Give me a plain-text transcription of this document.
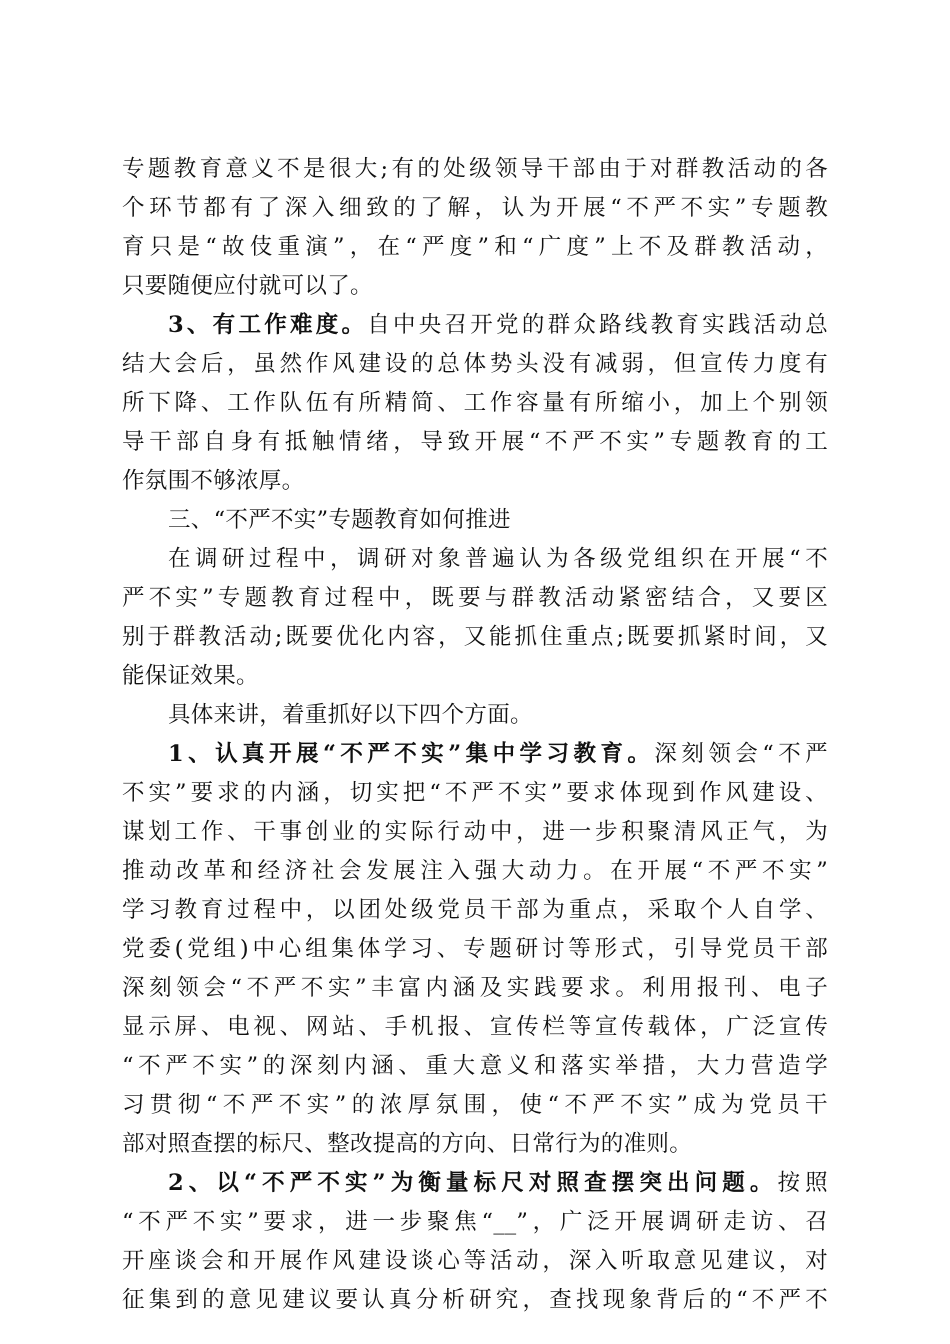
专题教育意义不是很大;有的处级领导干部由于对群教活动的各
个环节都有了深入细致的了解，认为开展“不严不实”专题教
育只是“故伎重演”，在“严度”和“广度”上不及群教活动，
只要随便应付就可以了。
3、有工作难度。自中央召开党的群众路线教育实践活动总
结大会后，虽然作风建设的总体势头没有减弱，但宣传力度有
所下降、工作队伍有所精简、工作容量有所缩小，加上个别领
导干部自身有抵触情绪，导致开展“不严不实”专题教育的工
作氛围不够浓厚。
三、“不严不实”专题教育如何推进
在调研过程中，调研对象普遍认为各级党组织在开展“不
严不实”专题教育过程中，既要与群教活动紧密结合，又要区
别于群教活动;既要优化内容，又能抓住重点;既要抓紧时间，又
能保证效果。
具体来讲，着重抓好以下四个方面。
1、认真开展“不严不实”集中学习教育。深刻领会“不严
不实”要求的内涵，切实把“不严不实”要求体现到作风建设、
谋划工作、干事创业的实际行动中，进一步积聚清风正气，为
推动改革和经济社会发展注入强大动力。在开展“不严不实”
学习教育过程中，以团处级党员干部为重点，采取个人自学、
党委(党组)中心组集体学习、专题研讨等形式，引导党员干部
深刻领会“不严不实”丰富内涵及实践要求。利用报刊、电子
显示屏、电视、网站、手机报、宣传栏等宣传载体，广泛宣传
“不严不实”的深刻内涵、重大意义和落实举措，大力营造学
习贯彻“不严不实”的浓厚氛围，使“不严不实”成为党员干
部对照查摆的标尺、整改提高的方向、日常行为的准则。
2、以“不严不实”为衡量标尺对照查摆突出问题。按照
“不严不实”要求，进一步聚焦“__”，广泛开展调研走访、召
开座谈会和开展作风建设谈心等活动，深入听取意见建议，对
征集到的意见建议要认真分析研究，查找现象背后的“不严不
